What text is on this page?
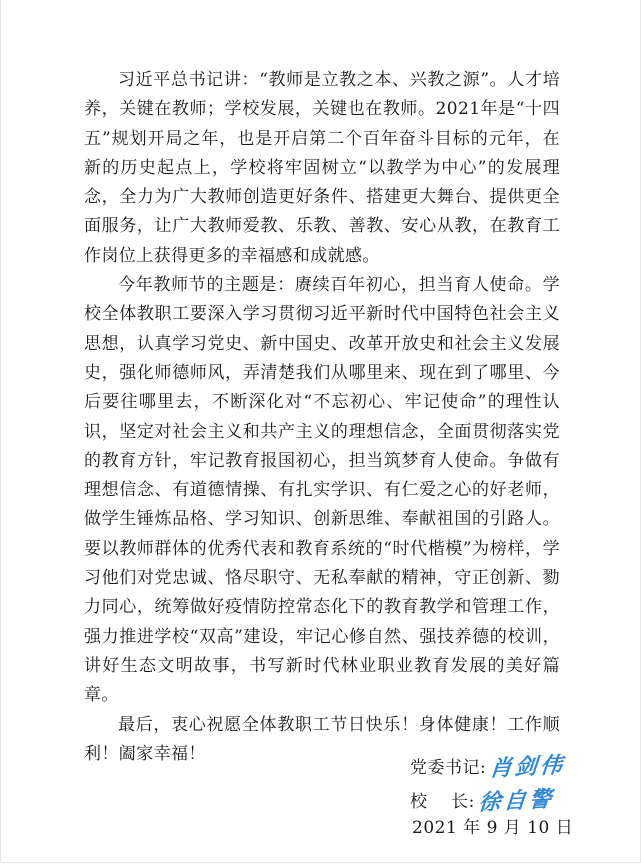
习近平总书记讲：“教师是立教之本、兴教之源”。人才培养，关键在教师；学校发展，关键也在教师。2021年是“十四五”规划开局之年，也是开启第二个百年奋斗目标的元年，在新的历史起点上，学校将牢固树立“以教学为中心”的发展理念，全力为广大教师创造更好条件、搭建更大舞台、提供更全面服务，让广大教师爱教、乐教、善教、安心从教，在教育工作岗位上获得更多的幸福感和成就感。

今年教师节的主题是：赓续百年初心，担当育人使命。学校全体教职工要深入学习贯彻习近平新时代中国特色社会主义思想，认真学习党史、新中国史、改革开放史和社会主义发展史，强化师德师风，弄清楚我们从哪里来、现在到了哪里、今后要往哪里去，不断深化对“不忘初心、牢记使命”的理性认识，坚定对社会主义和共产主义的理想信念，全面贯彻落实党的教育方针，牢记教育报国初心，担当筑梦育人使命。争做有理想信念、有道德情操、有扎实学识、有仁爱之心的好老师，做学生锤炼品格、学习知识、创新思维、奉献祖国的引路人。要以教师群体的优秀代表和教育系统的“时代楷模”为榜样，学习他们对党忠诚、恪尽职守、无私奉献的精神，守正创新、勠力同心，统筹做好疫情防控常态化下的教育教学和管理工作，强力推进学校“双高”建设，牢记心修自然、强技养德的校训，讲好生态文明故事，书写新时代林业职业教育发展的美好篇章。

最后，衷心祝愿全体教职工节日快乐！身体健康！工作顺利！阖家幸福！

党委书记: 肖剑伟
校    长: 徐自警
2021 年 9 月 10 日
